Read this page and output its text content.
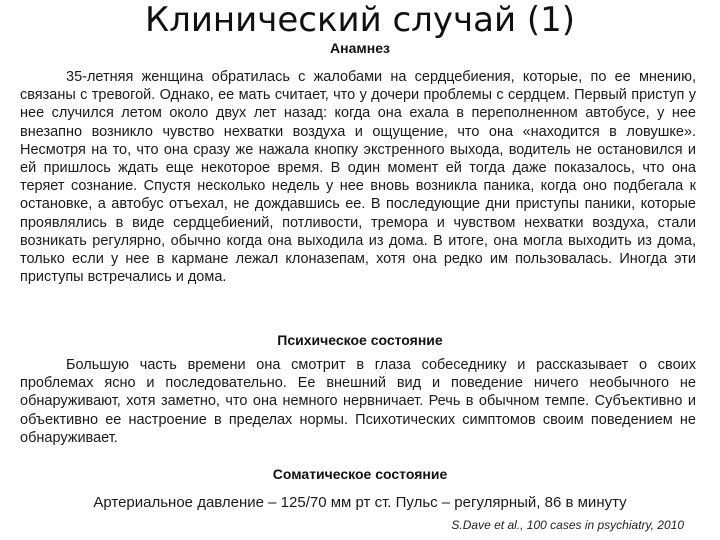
Клинический случай (1)
Анамнез

35-летняя женщина обратилась с жалобами на сердцебиения, которые, по ее мнению, связаны с тревогой. Однако, ее мать считает, что у дочери проблемы с сердцем. Первый приступ у нее случился летом около двух лет назад: когда она ехала в переполненном автобусе, у нее внезапно возникло чувство нехватки воздуха и ощущение, что она «находится в ловушке». Несмотря на то, что она сразу же нажала кнопку экстренного выхода, водитель не остановился и ей пришлось ждать еще некоторое время. В один момент ей тогда даже показалось, что она теряет сознание. Спустя несколько недель у нее вновь возникла паника, когда оно подбегала к остановке, а автобус отъехал, не дождавшись ее. В последующие дни приступы паники, которые проявлялись в виде сердцебиений, потливости, тремора и чувством нехватки воздуха, стали возникать регулярно, обычно когда она выходила из дома. В итоге, она могла выходить из дома, только если у нее в кармане лежал клоназепам, хотя она редко им пользовалась. Иногда эти приступы встречались и дома.

Психическое состояние

Большую часть времени она смотрит в глаза собеседнику и рассказывает о своих проблемах ясно и последовательно. Ее внешний вид и поведение ничего необычного не обнаруживают, хотя заметно, что она немного нервничает. Речь в обычном темпе. Субъективно и объективно ее настроение в пределах нормы. Психотических симптомов своим поведением не обнаруживает.

Соматическое состояние
Артериальное давление – 125/70 мм рт ст. Пульс – регулярный, 86 в минуту
S.Dave et al., 100 cases in psychiatry, 2010
